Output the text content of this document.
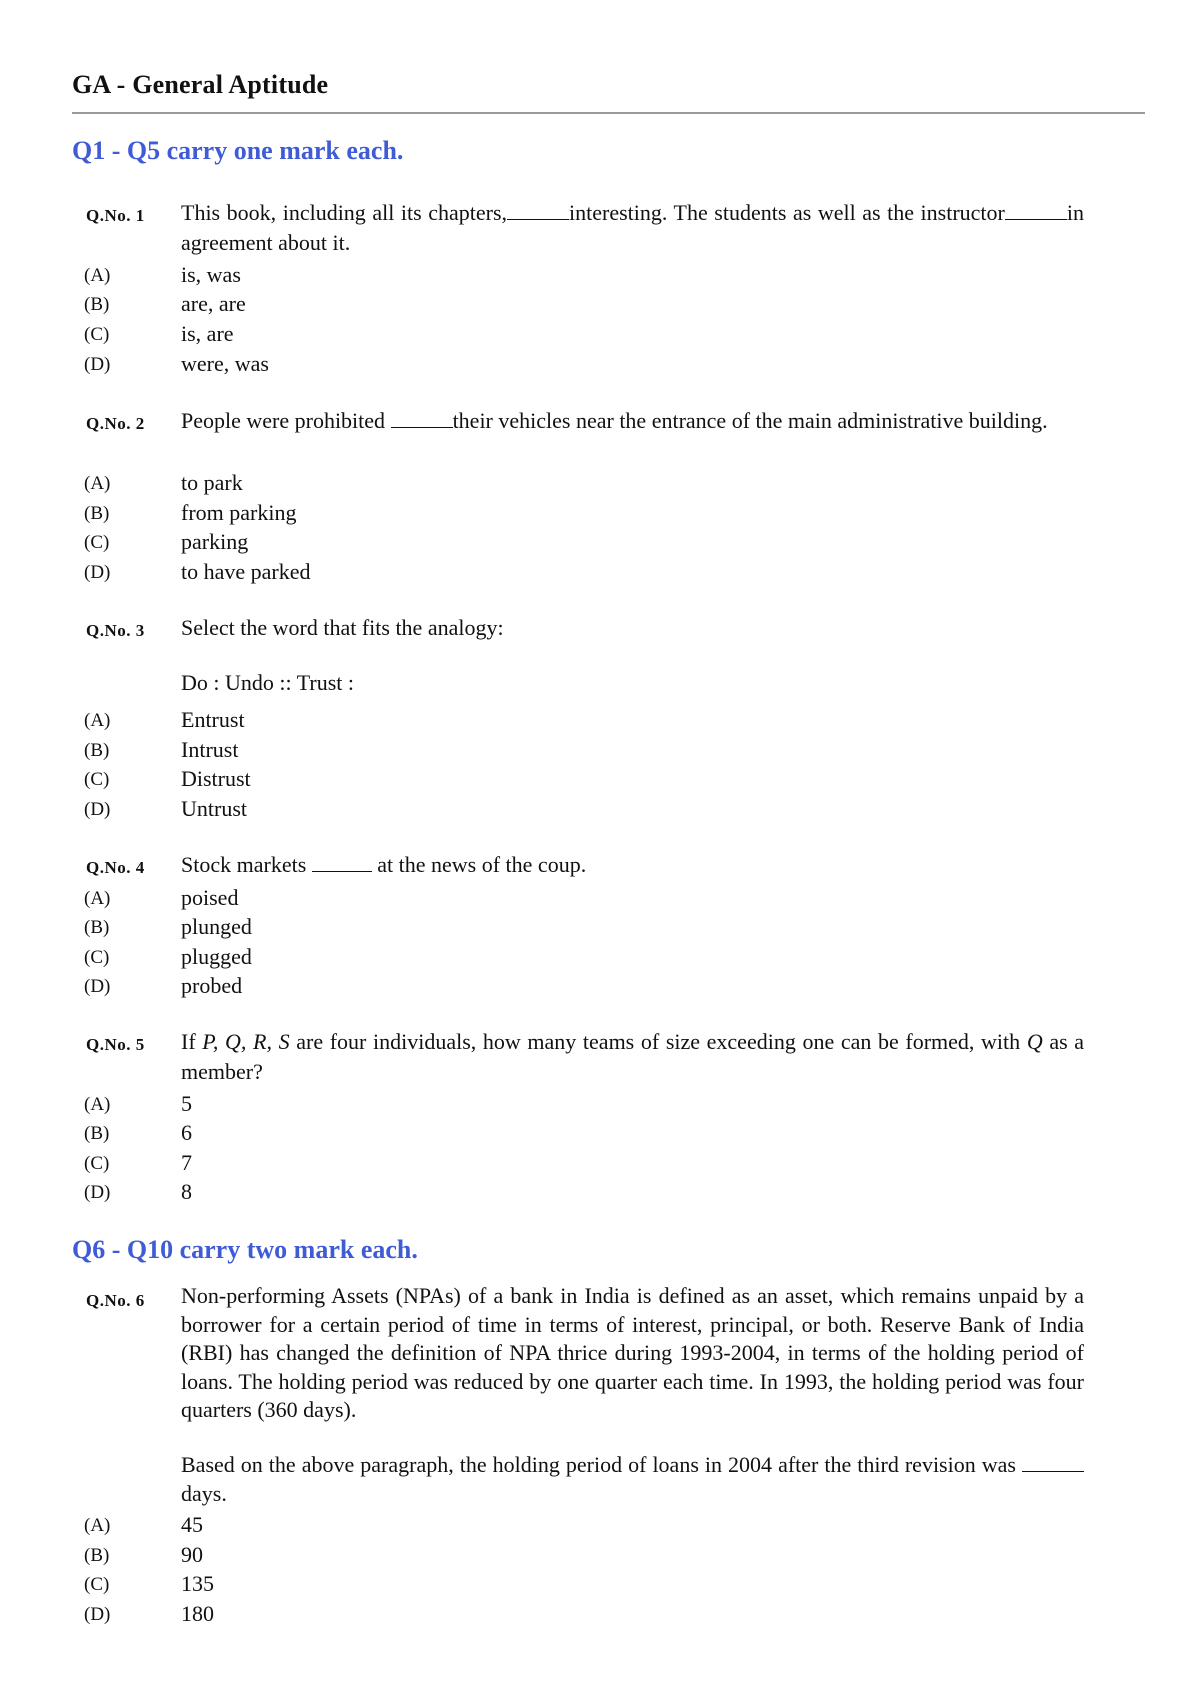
GA - General Aptitude
Q1 - Q5 carry one mark each.
Q.No. 1 This book, including all its chapters,	interesting. The students as well as the instructor	in agreement about it.
(A)	is, was
(B)	are, are
(C)	is, are
(D)	were, was
Q.No. 2 People were prohibited	their vehicles near the entrance of the main administrative building.
(A)	to park
(B)	from parking
(C)	parking
(D)	to have parked
Q.No. 3 Select the word that fits the analogy:
Do : Undo :: Trust :
(A)	Entrust
(B)	Intrust
(C)	Distrust
(D)	Untrust
Q.No. 4 Stock markets	at the news of the coup.
(A)	poised
(B)	plunged
(C)	plugged
(D)	probed
Q.No. 5 If P, Q, R, S are four individuals, how many teams of size exceeding one can be formed, with Q as a member?
(A)	5
(B)	6
(C)	7
(D)	8
Q6 - Q10 carry two mark each.
Q.No. 6 Non-performing Assets (NPAs) of a bank in India is defined as an asset, which remains unpaid by a borrower for a certain period of time in terms of interest, principal, or both. Reserve Bank of India (RBI) has changed the definition of NPA thrice during 1993-2004, in terms of the holding period of loans. The holding period was reduced by one quarter each time. In 1993, the holding period was four quarters (360 days).
Based on the above paragraph, the holding period of loans in 2004 after the third revision was  days.
(A)	45
(B)	90
(C)	135
(D)	180
